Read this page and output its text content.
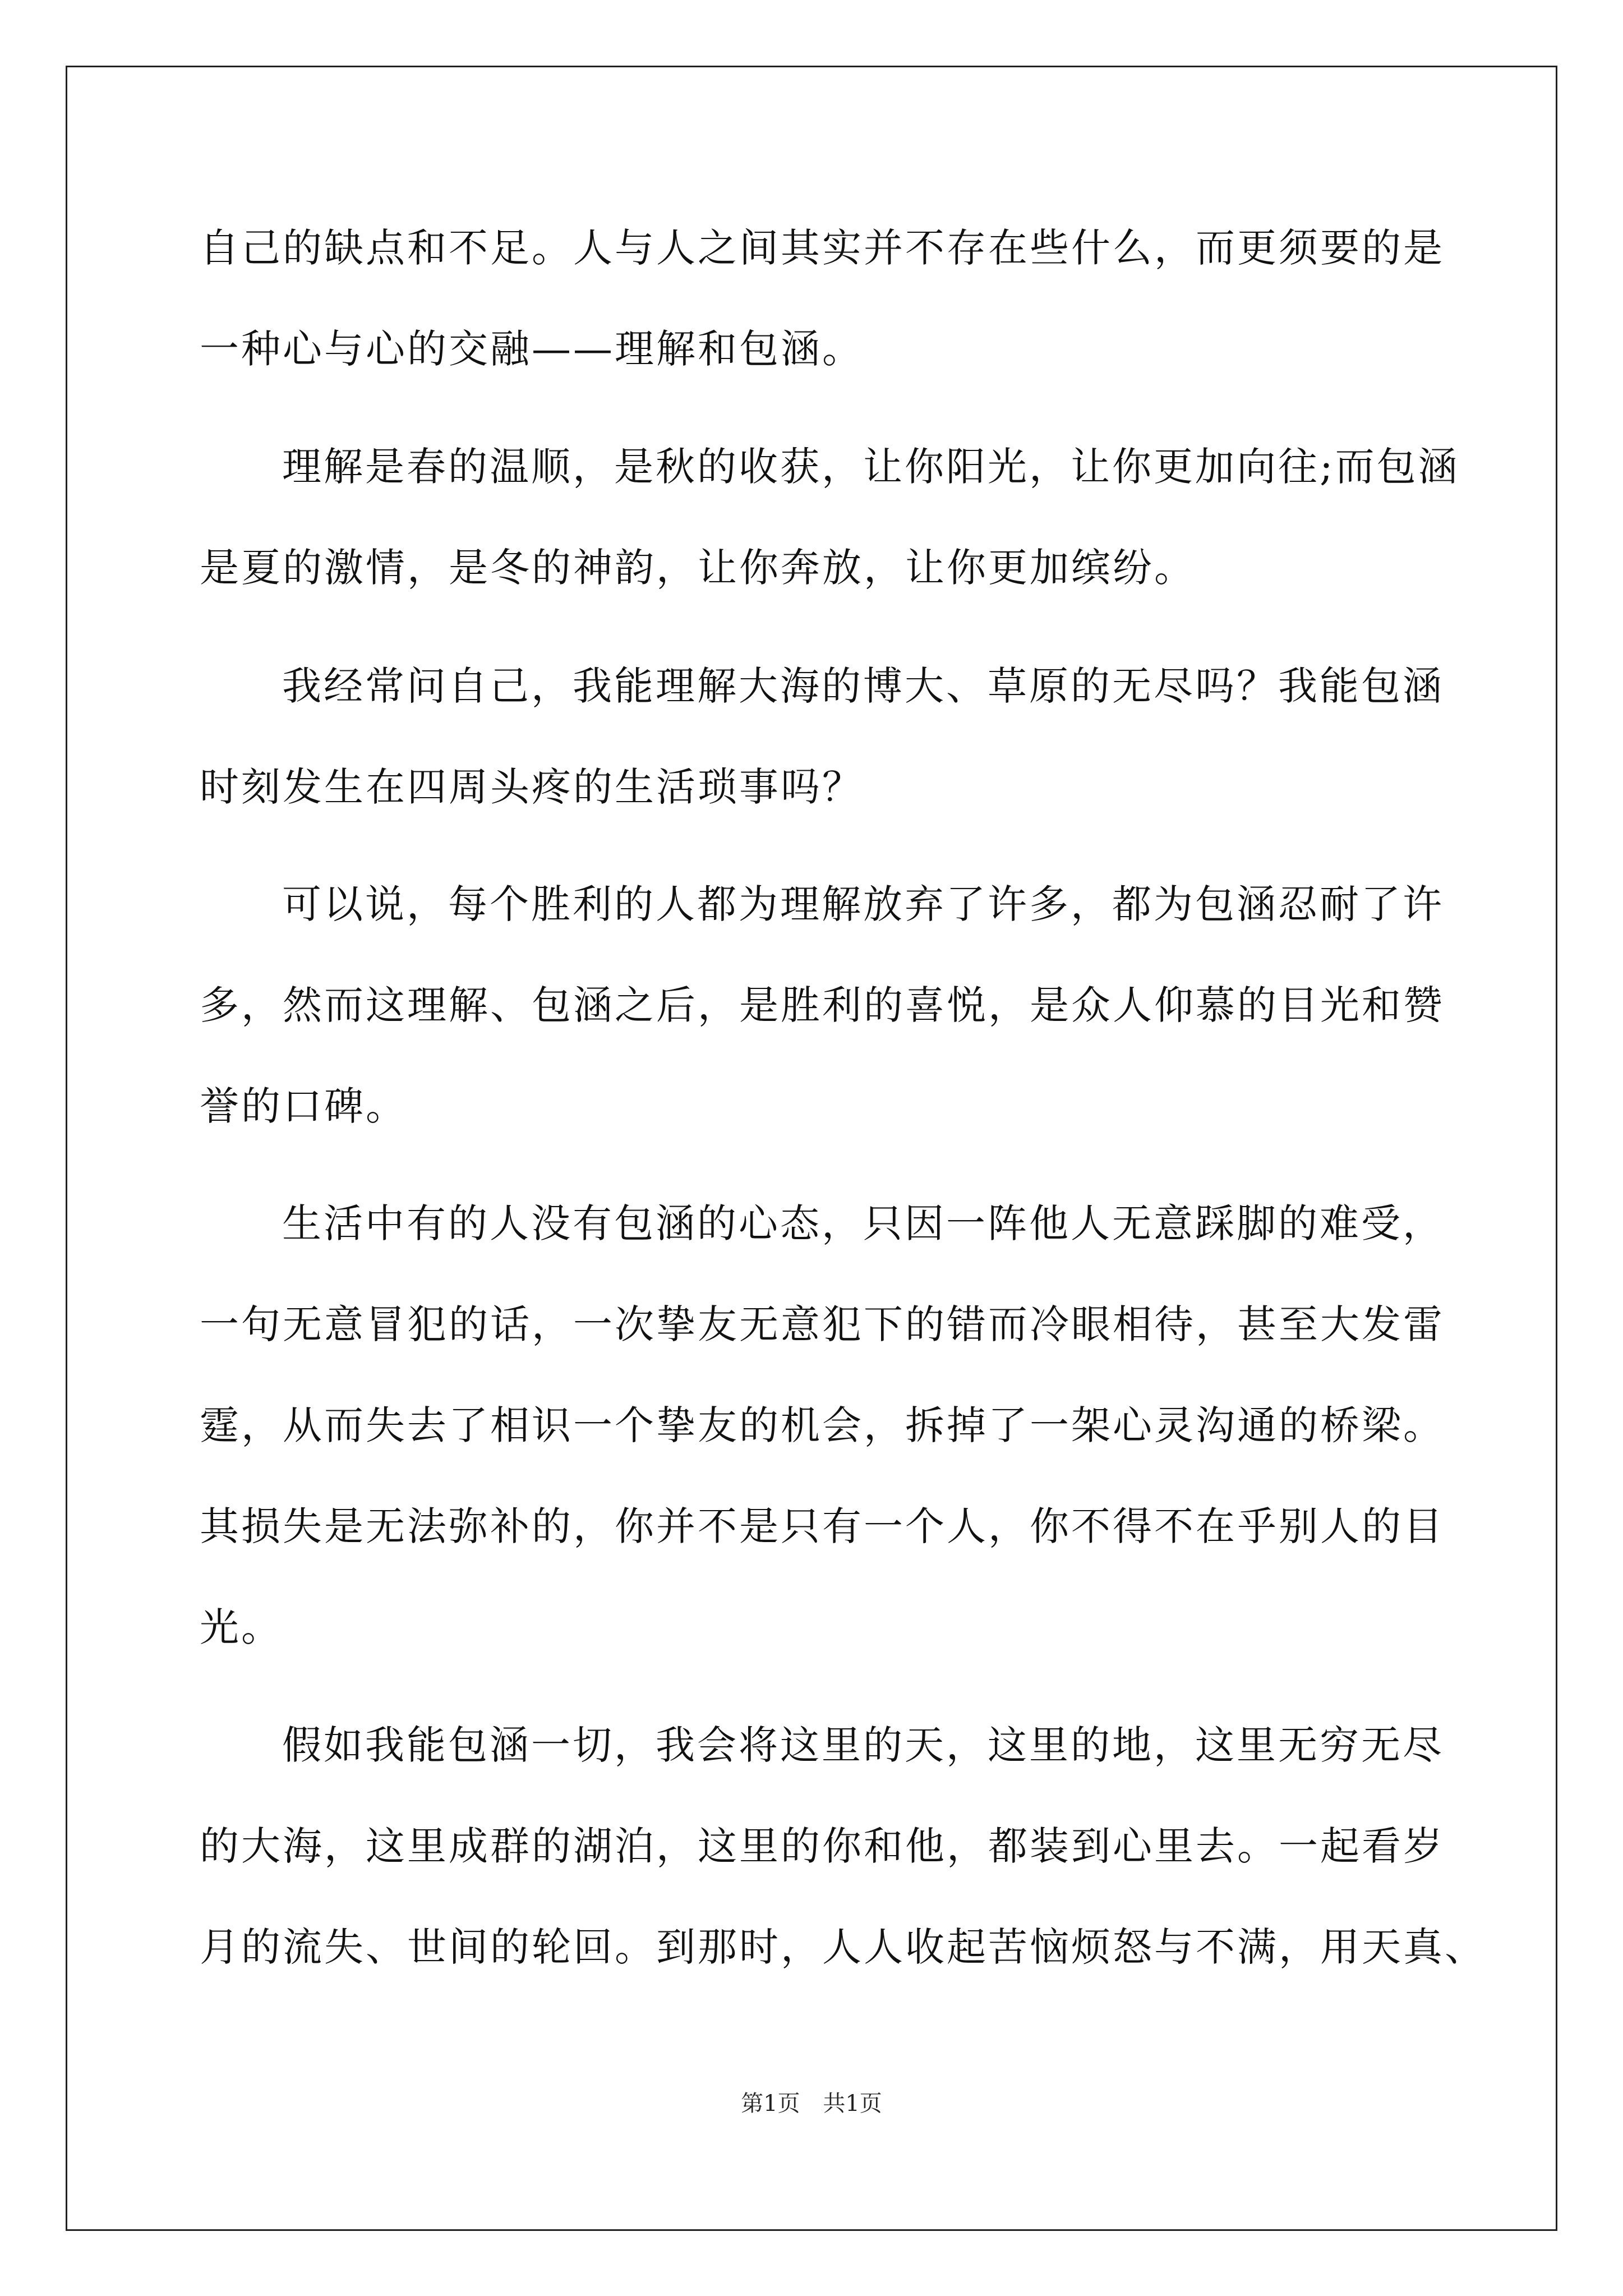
自己的缺点和不足。人与人之间其实并不存在些什么，而更须要的是
一种心与心的交融——理解和包涵。
理解是春的温顺，是秋的收获，让你阳光，让你更加向往;而包涵
是夏的激情，是冬的神韵，让你奔放，让你更加缤纷。
我经常问自己，我能理解大海的博大、草原的无尽吗？我能包涵
时刻发生在四周头疼的生活琐事吗？
可以说，每个胜利的人都为理解放弃了许多，都为包涵忍耐了许
多，然而这理解、包涵之后，是胜利的喜悦，是众人仰慕的目光和赞
誉的口碑。
生活中有的人没有包涵的心态，只因一阵他人无意踩脚的难受，
一句无意冒犯的话，一次挚友无意犯下的错而冷眼相待，甚至大发雷
霆，从而失去了相识一个挚友的机会，拆掉了一架心灵沟通的桥梁。
其损失是无法弥补的，你并不是只有一个人，你不得不在乎别人的目
光。
假如我能包涵一切，我会将这里的天，这里的地，这里无穷无尽
的大海，这里成群的湖泊，这里的你和他，都装到心里去。一起看岁
月的流失、世间的轮回。到那时，人人收起苦恼烦怒与不满，用天真、
第1页 共1页
